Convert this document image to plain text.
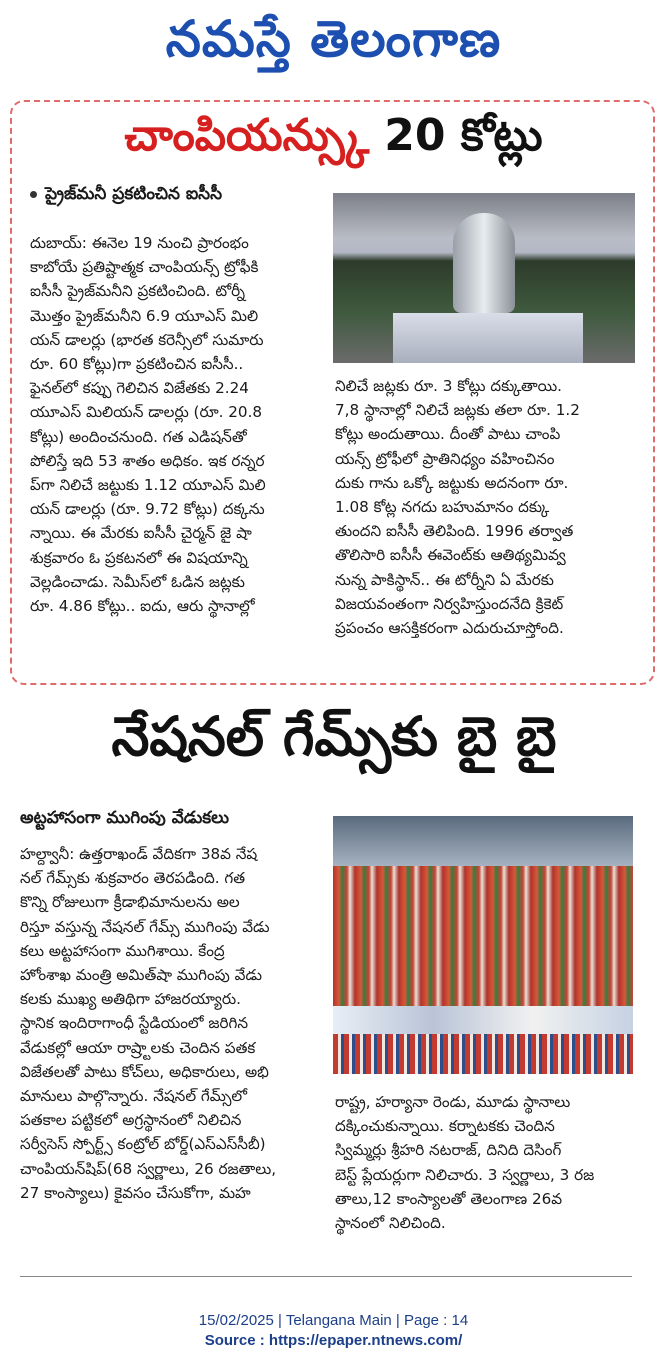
నమస్తే తెలంగాణ
చాంపియన్స్కు 20 కోట్లు
ప్రైజ్‌మనీ ప్రకటించిన ఐసీసీ

దుబాయ్‌: ఈనెల 19 నుంచి ప్రారంభం

కాబోయే ప్రతిష్టాత్మక చాంపియన్స్‌ ట్రోఫీకి

ఐసీసీ ప్రైజ్‌మనీని ప్రకటించింది. టోర్నీ

మొత్తం ప్రైజ్‌మనీని 6.9 యూఎస్‌ మిలి

యన్‌ డాలర్లు (భారత కరెన్సీలో సుమారు

రూ. 60 కోట్లు)గా ప్రకటించిన ఐసీసీ..

ఫైనల్‌లో కప్పు గెలిచిన విజేతకు 2.24

యూఎస్‌ మిలియన్‌ డాలర్లు (రూ. 20.8

కోట్లు) అందించనుంది. గత ఎడిషన్‌తో

పోలిస్తే ఇది 53 శాతం అధికం. ఇక రన్నర

ప్‌గా నిలిచే జట్టుకు 1.12 యూఎస్‌ మిలి

యన్‌ డాలర్లు (రూ. 9.72 కోట్లు) దక్కను

న్నాయి. ఈ మేరకు ఐసీసీ చైర్మన్‌ జై షా

శుక్రవారం ఓ ప్రకటనలో ఈ విషయాన్ని

వెల్లడించాడు. సెమీస్‌లో ఓడిన జట్లకు

రూ. 4.86 కోట్లు.. ఐదు, ఆరు స్థానాల్లో

నిలిచే జట్లకు రూ. 3 కోట్లు దక్కుతాయి.

7,8 స్థానాల్లో నిలిచే జట్లకు తలా రూ. 1.2

కోట్లు అందుతాయి. దీంతో పాటు చాంపి

యన్స్‌ ట్రోఫీలో ప్రాతినిధ్యం వహించినం

దుకు గాను ఒక్కో జట్టుకు అదనంగా రూ.

1.08 కోట్ల నగదు బహుమానం దక్కు

తుందని ఐసీసీ తెలిపింది. 1996 తర్వాత

తొలిసారి ఐసీసీ ఈవెంట్‌కు ఆతిథ్యమివ్వ

నున్న పాకిస్థాన్‌.. ఈ టోర్నీని ఏ మేరకు

విజయవంతంగా నిర్వహిస్తుందనేది క్రికెట్‌

ప్రపంచం ఆసక్తికరంగా ఎదురుచూస్తోంది.

నేషనల్‌ గేమ్స్‌కు బై బై
అట్టహాసంగా ముగింపు వేడుకలు

హల్ద్వానీ: ఉత్తరాఖండ్‌ వేదికగా 38వ నేష

నల్‌ గేమ్స్‌కు శుక్రవారం తెరపడింది. గత

కొన్ని రోజులుగా క్రీడాభిమానులను అల

రిస్తూ వస్తున్న నేషనల్‌ గేమ్స్‌ ముగింపు వేడు

కలు అట్టహాసంగా ముగిశాయి. కేంద్ర

హోంశాఖ మంత్రి అమిత్‌షా ముగింపు వేడు

కలకు ముఖ్య అతిథిగా హాజరయ్యారు.

స్థానిక ఇందిరాగాంధీ స్టేడియంలో జరిగిన

వేడుకల్లో ఆయా రాష్ర్టాలకు చెందిన పతక

విజేతలతో పాటు కోచ్‌లు, అధికారులు, అభి

మానులు పాల్గొన్నారు. నేషనల్‌ గేమ్స్‌లో

పతకాల పట్టికలో అగ్రస్థానంలో నిలిచిన

సర్వీసెస్‌ స్పోర్ట్స్‌ కంట్రోల్‌ బోర్డ్‌(ఎస్‌ఎస్‌సీబీ)

చాంపియన్‌షిప్‌(68 స్వర్ణాలు, 26 రజతాలు,

27 కాంస్యాలు) కైవసం చేసుకోగా, మహ

రాష్ట్ర, హర్యానా రెండు, మూడు స్థానాలు

దక్కించుకున్నాయి. కర్నాటకకు చెందిన

స్విమ్మర్లు శ్రీహరి నటరాజ్‌, దినిది దెసింగ్‌

బెస్ట్‌ ప్లేయర్లుగా నిలిచారు. 3 స్వర్ణాలు, 3 రజ

తాలు,12 కాంస్యాలతో తెలంగాణ 26వ

స్థానంలో నిలిచింది.

15/02/2025 | Telangana Main | Page : 14
Source : https://epaper.ntnews.com/
